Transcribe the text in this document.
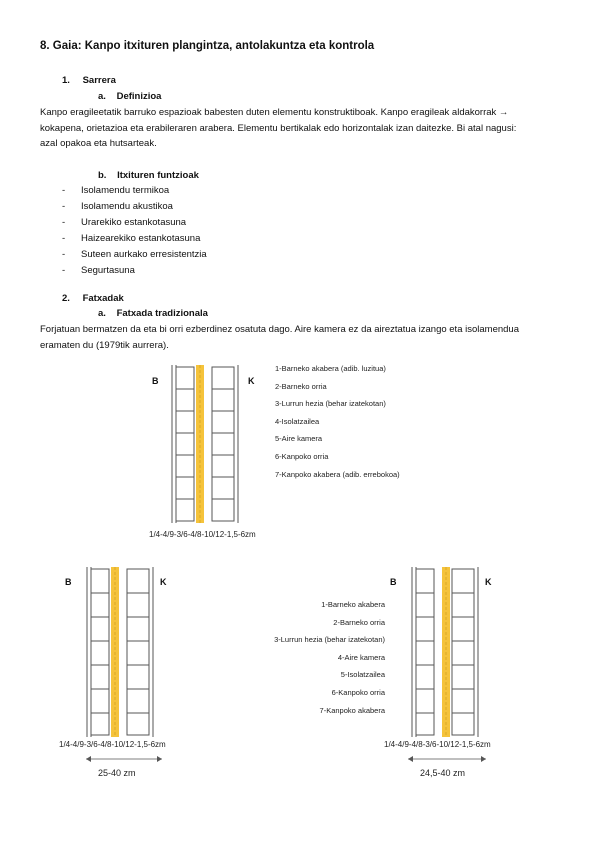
8. Gaia: Kanpo itxituren plangintza, antolakuntza eta kontrola
1. Sarrera
a. Definizioa
Kanpo eragileetatik barruko espazioak babesten duten elementu konstruktiboak. Kanpo eragileak aldakorrak →
kokapena, orietazioa eta erabileraren arabera. Elementu bertikalak edo horizontalak izan daitezke. Bi atal nagusi:
azal opakoa eta hutsarteak.
b. Itxituren funtzioak
- Isolamendu termikoa
- Isolamendu akustikoa
- Urarekiko estankotasuna
- Haizearekiko estankotasuna
- Suteen aurkako erresistentzia
- Segurtasuna
2. Fatxadak
a. Fatxada tradizionala
Forjatuan bermatzen da eta bi orri ezberdinez osatuta dago. Aire kamera ez da aireztatua izango eta isolamendua
eramaten du (1979tik aurrera).
B	K
1-Barneko akabera (adib. luzitua)
2-Barneko orria
3-Lurrun hezia (behar izatekotan)
4-Isolatzailea
5-Aire kamera
6-Kanpoko orria
7-Kanpoko akabera (adib. errebokoa)
1/4-4/9-3/6-4/8-10/12-1,5-6zm
B	K
1/4-4/9-3/6-4/8-10/12-1,5-6zm
25-40 zm
B	K
1-Barneko akabera
2-Barneko orria
3-Lurrun hezia (behar izatekotan)
4-Aire kamera
5-Isolatzailea
6-Kanpoko orria
7-Kanpoko akabera
1/4-4/9-4/8-3/6-10/12-1,5-6zm
24,5-40 zm
